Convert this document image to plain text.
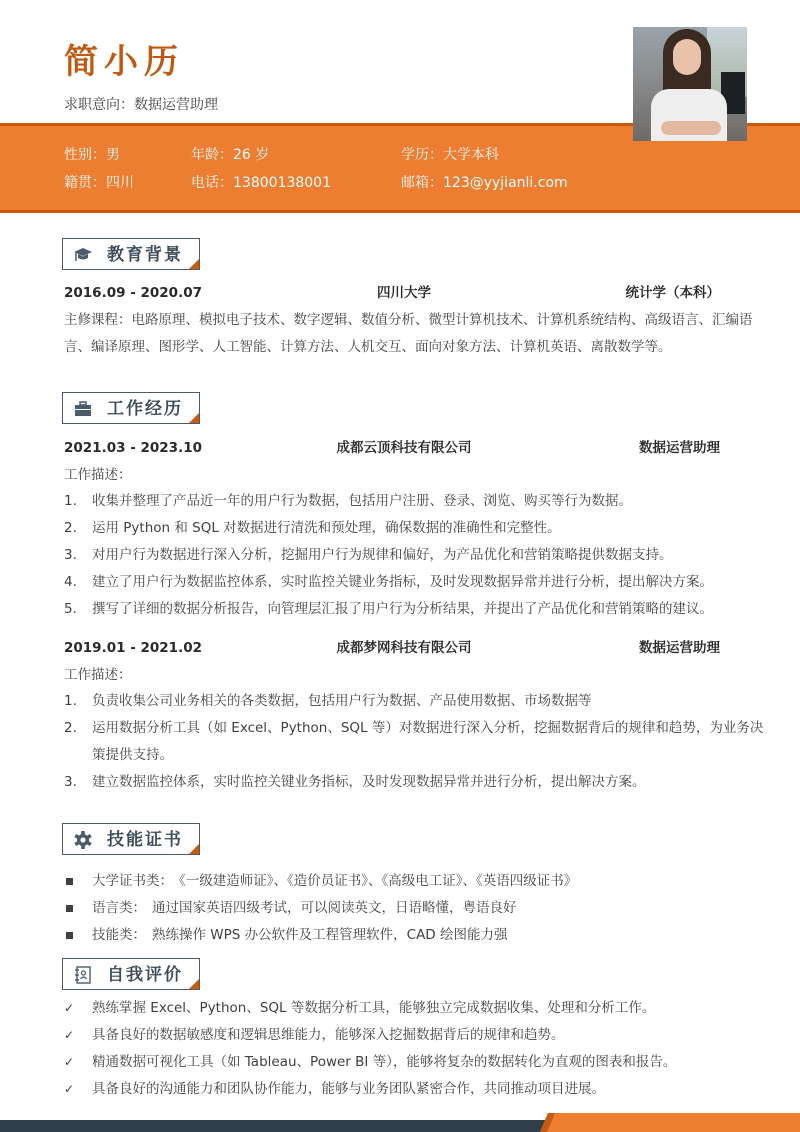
简小历
求职意向：数据运营助理
性别：男	年龄：26 岁	学历：大学本科
籍贯：四川	电话：13800138001	邮箱：123@yyjianli.com
教育背景
2016.09 - 2020.07	四川大学	统计学（本科）
主修课程：电路原理、模拟电子技术、数字逻辑、数值分析、微型计算机技术、计算机系统结构、高级语言、汇编语言、编译原理、图形学、人工智能、计算方法、人机交互、面向对象方法、计算机英语、离散数学等。
工作经历
2021.03 - 2023.10	成都云顶科技有限公司	数据运营助理
工作描述：
1. 收集并整理了产品近一年的用户行为数据，包括用户注册、登录、浏览、购买等行为数据。
2. 运用 Python 和 SQL 对数据进行清洗和预处理，确保数据的准确性和完整性。
3. 对用户行为数据进行深入分析，挖掘用户行为规律和偏好，为产品优化和营销策略提供数据支持。
4. 建立了用户行为数据监控体系，实时监控关键业务指标，及时发现数据异常并进行分析，提出解决方案。
5. 撰写了详细的数据分析报告，向管理层汇报了用户行为分析结果，并提出了产品优化和营销策略的建议。
2019.01 - 2021.02	成都梦网科技有限公司	数据运营助理
工作描述：
1. 负责收集公司业务相关的各类数据，包括用户行为数据、产品使用数据、市场数据等
2. 运用数据分析工具（如 Excel、Python、SQL 等）对数据进行深入分析，挖掘数据背后的规律和趋势，为业务决策提供支持。
3. 建立数据监控体系，实时监控关键业务指标，及时发现数据异常并进行分析，提出解决方案。
技能证书
大学证书类： 《一级建造师证》、《造价员证书》、《高级电工证》、《英语四级证书》
语言类： 通过国家英语四级考试，可以阅读英文，日语略懂，粤语良好
技能类： 熟练操作 WPS 办公软件及工程管理软件，CAD 绘图能力强
自我评价
✓ 熟练掌握 Excel、Python、SQL 等数据分析工具，能够独立完成数据收集、处理和分析工作。
✓ 具备良好的数据敏感度和逻辑思维能力，能够深入挖掘数据背后的规律和趋势。
✓ 精通数据可视化工具（如 Tableau、Power BI 等），能够将复杂的数据转化为直观的图表和报告。
✓ 具备良好的沟通能力和团队协作能力，能够与业务团队紧密合作，共同推动项目进展。
